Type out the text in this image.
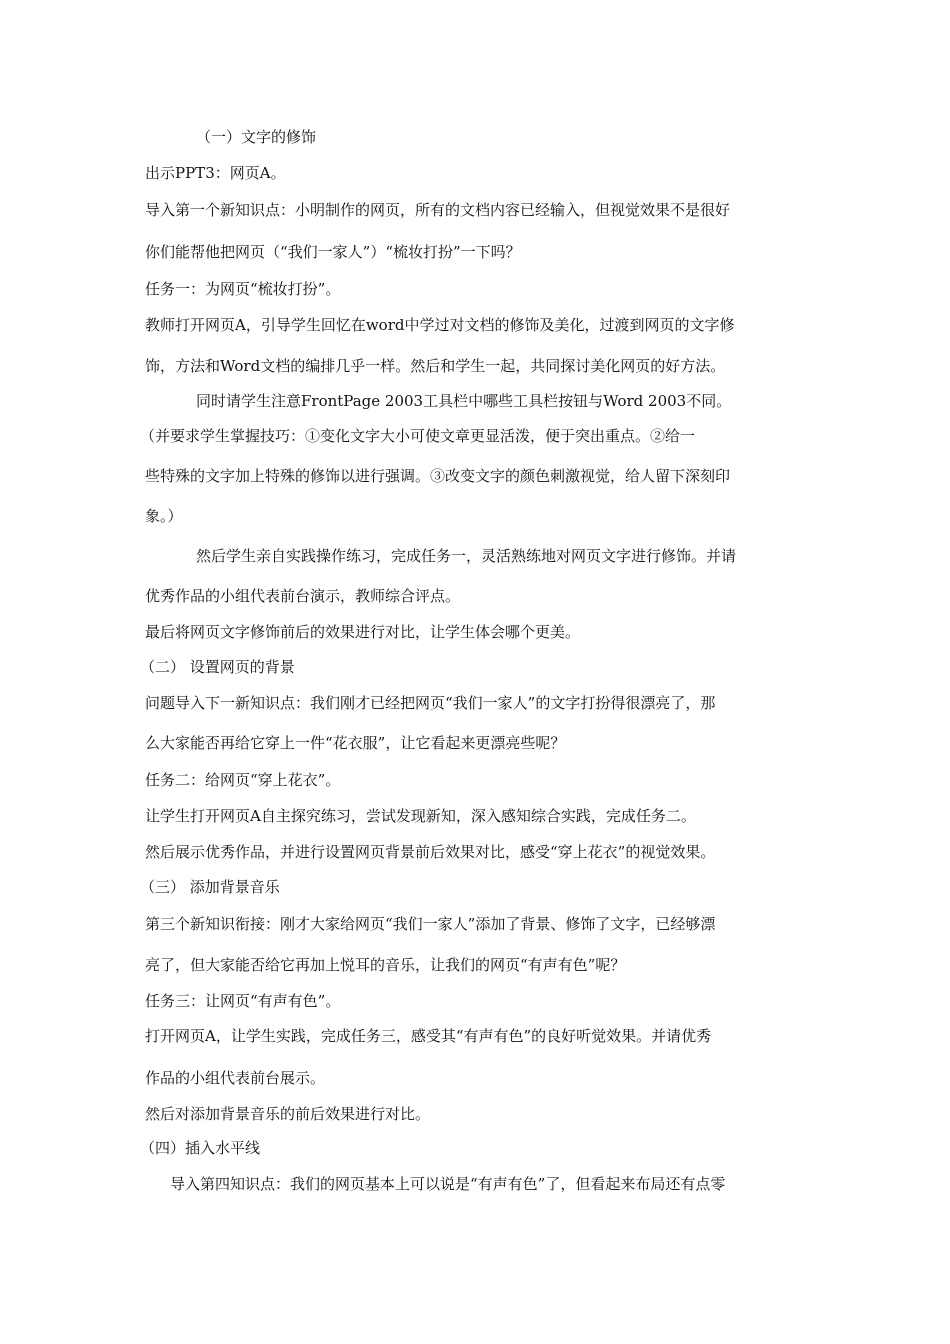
（一）文字的修饰
出示PPT3：网页A。
导入第一个新知识点：小明制作的网页，所有的文档内容已经输入，但视觉效果不是很好
你们能帮他把网页（“我们一家人”）“梳妆打扮”一下吗？
任务一：为网页“梳妆打扮”。
教师打开网页A，引导学生回忆在word中学过对文档的修饰及美化，过渡到网页的文字修
饰，方法和Word文档的编排几乎一样。然后和学生一起，共同探讨美化网页的好方法。
同时请学生注意FrontPage 2003工具栏中哪些工具栏按钮与Word 2003不同。
（并要求学生掌握技巧：①变化文字大小可使文章更显活泼，便于突出重点。②给一
些特殊的文字加上特殊的修饰以进行强调。③改变文字的颜色刺激视觉，给人留下深刻印
象。）
然后学生亲自实践操作练习，完成任务一，灵活熟练地对网页文字进行修饰。并请
优秀作品的小组代表前台演示，教师综合评点。
最后将网页文字修饰前后的效果进行对比，让学生体会哪个更美。
（二） 设置网页的背景
问题导入下一新知识点：我们刚才已经把网页“我们一家人”的文字打扮得很漂亮了，那
么大家能否再给它穿上一件“花衣服”，让它看起来更漂亮些呢？
任务二：给网页“穿上花衣”。
让学生打开网页A自主探究练习，尝试发现新知，深入感知综合实践，完成任务二。
然后展示优秀作品，并进行设置网页背景前后效果对比，感受“穿上花衣”的视觉效果。
（三） 添加背景音乐
第三个新知识衔接：刚才大家给网页“我们一家人”添加了背景、修饰了文字，已经够漂
亮了，但大家能否给它再加上悦耳的音乐，让我们的网页“有声有色”呢？
任务三：让网页“有声有色”。
打开网页A，让学生实践，完成任务三，感受其“有声有色”的良好听觉效果。并请优秀
作品的小组代表前台展示。
然后对添加背景音乐的前后效果进行对比。
（四）插入水平线
导入第四知识点：我们的网页基本上可以说是“有声有色”了，但看起来布局还有点零
